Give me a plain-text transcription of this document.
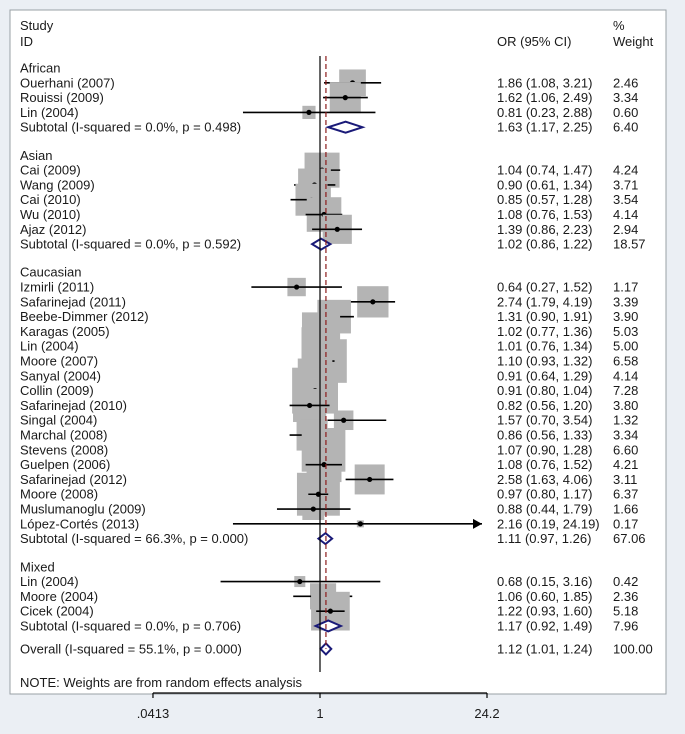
Study
ID	OR (95% CI)
%
Weight
African
Ouerhani (2007)	1.86 (1.08, 3.21) 2.46
Rouissi (2009)	1.62 (1.06, 2.49) 3.34
Lin (2004)	0.81 (0.23, 2.88) 0.60
Subtotal (I-squared = 0.0%, p = 0.498)	1.63 (1.17, 2.25) 6.40
Asian
Cai (2009)	1.04 (0.74, 1.47) 4.24
Wang (2009)	0.90 (0.61, 1.34) 3.71
Cai (2010)	0.85 (0.57, 1.28) 3.54
Wu (2010)	1.08 (0.76, 1.53) 4.14
Ajaz (2012)	1.39 (0.86, 2.23) 2.94
Subtotal (I-squared = 0.0%, p = 0.592)	1.02 (0.86, 1.22) 18.57
Caucasian
Izmirli (2011)	0.64 (0.27, 1.52) 1.17
Safarinejad (2011)	2.74 (1.79, 4.19) 3.39
Beebe-Dimmer (2012)	1.31 (0.90, 1.91) 3.90
Karagas (2005)	1.02 (0.77, 1.36) 5.03
Lin (2004)	1.01 (0.76, 1.34) 5.00
Moore (2007)	1.10 (0.93, 1.32) 6.58
Sanyal (2004)	0.91 (0.64, 1.29) 4.14
Collin (2009)	0.91 (0.80, 1.04) 7.28
Safarinejad (2010)	0.82 (0.56, 1.20) 3.80
Singal (2004)	1.57 (0.70, 3.54) 1.32
Marchal (2008)	0.86 (0.56, 1.33) 3.34
Stevens (2008)	1.07 (0.90, 1.28) 6.60
Guelpen (2006)	1.08 (0.76, 1.52) 4.21
Safarinejad (2012)	2.58 (1.63, 4.06) 3.11
Moore (2008)	0.97 (0.80, 1.17) 6.37
Muslumanoglu (2009)	0.88 (0.44, 1.79) 1.66
López-Cortés (2013)	2.16 (0.19, 24.19) 0.17
Subtotal (I-squared = 66.3%, p = 0.000)	1.11 (0.97, 1.26) 67.06
Mixed
Lin (2004)	0.68 (0.15, 3.16) 0.42
Moore (2004)	1.06 (0.60, 1.85) 2.36
Cicek (2004)	1.22 (0.93, 1.60) 5.18
Subtotal (I-squared = 0.0%, p = 0.706)	1.17 (0.92, 1.49) 7.96
Overall (I-squared = 55.1%, p = 0.000)	1.12 (1.01, 1.24) 100.00
NOTE: Weights are from random effects analysis
.0413	1	24.2
